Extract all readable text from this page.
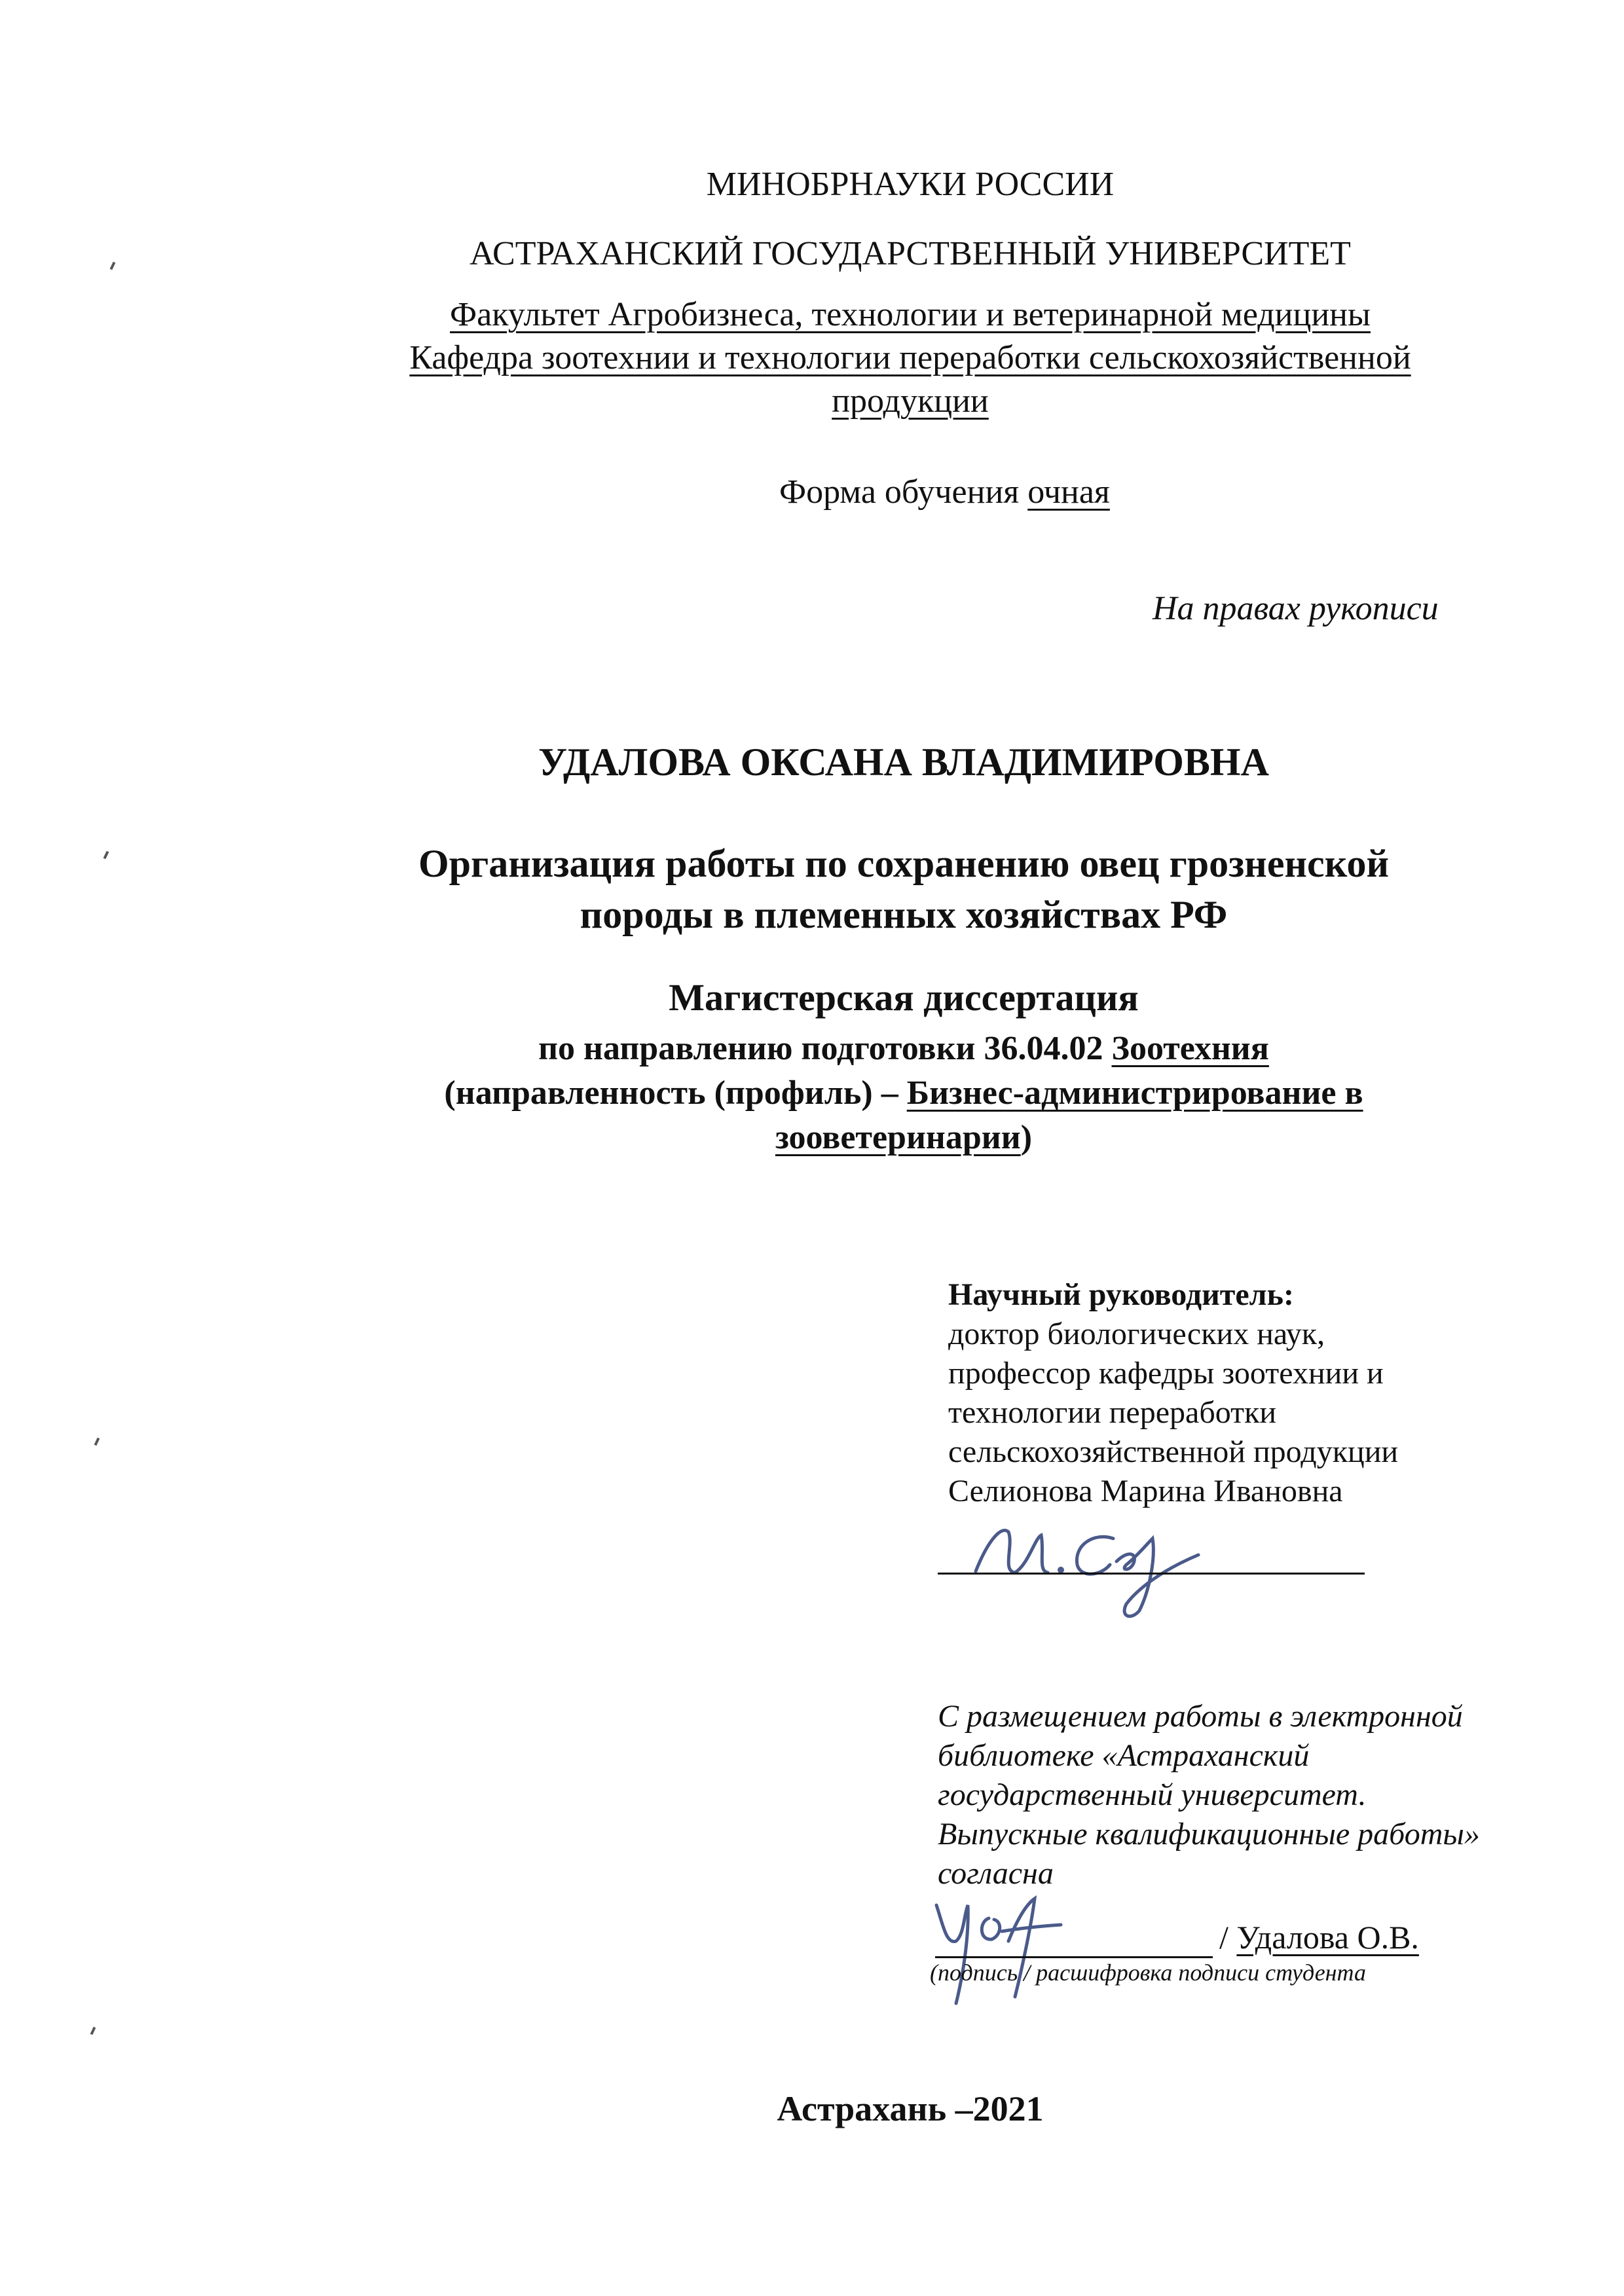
МИНОБРНАУКИ РОССИИ
АСТРАХАНСКИЙ ГОСУДАРСТВЕННЫЙ УНИВЕРСИТЕТ
Факультет Агробизнеса, технологии и ветеринарной медицины
Кафедра зоотехнии и технологии переработки сельскохозяйственной
продукции
Форма обучения очная
На правах рукописи
УДАЛОВА ОКСАНА ВЛАДИМИРОВНА
Организация работы по сохранению овец грозненской
породы в племенных хозяйствах РФ
Магистерская диссертация
по направлению подготовки 36.04.02 Зоотехния
(направленность (профиль) – Бизнес-администрирование в
зооветеринарии)
Научный руководитель:
доктор биологических наук,
профессор кафедры зоотехнии и
технологии переработки
сельскохозяйственной продукции
Селионова Марина Ивановна
С размещением работы в электронной
библиотеке «Астраханский
государственный университет.
Выпускные квалификационные работы»
согласна
/ Удалова О.В.
(подпись / расшифровка подписи студента
Астрахань –2021
